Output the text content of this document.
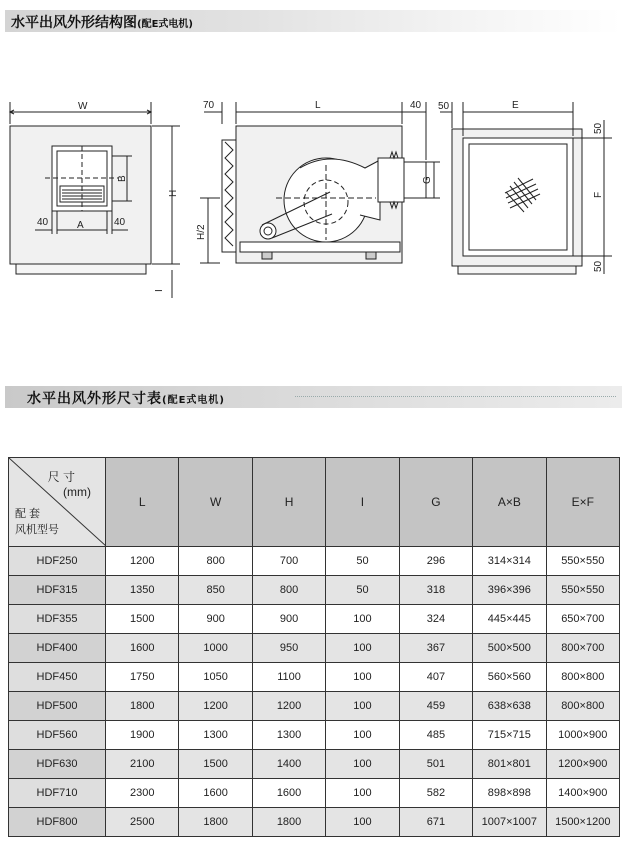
水平出风外形结构图(配E式电机)
W
H
I
B
A
40	40
70	L	40
H/2
G
50	E
F
50
50
水平出风外形尺寸表(配E式电机)
尺 寸
(mm)
配 套
风机型号	L	W	H	I	G	A×B	E×F
HDF250	1200	800	700	50	296	314×314	550×550
HDF315	1350	850	800	50	318	396×396	550×550
HDF355	1500	900	900	100	324	445×445	650×700
HDF400	1600	1000	950	100	367	500×500	800×700
HDF450	1750	1050	1100	100	407	560×560	800×800
HDF500	1800	1200	1200	100	459	638×638	800×800
HDF560	1900	1300	1300	100	485	715×715	1000×900
HDF630	2100	1500	1400	100	501	801×801	1200×900
HDF710	2300	1600	1600	100	582	898×898	1400×900
HDF800	2500	1800	1800	100	671	1007×1007	1500×1200
